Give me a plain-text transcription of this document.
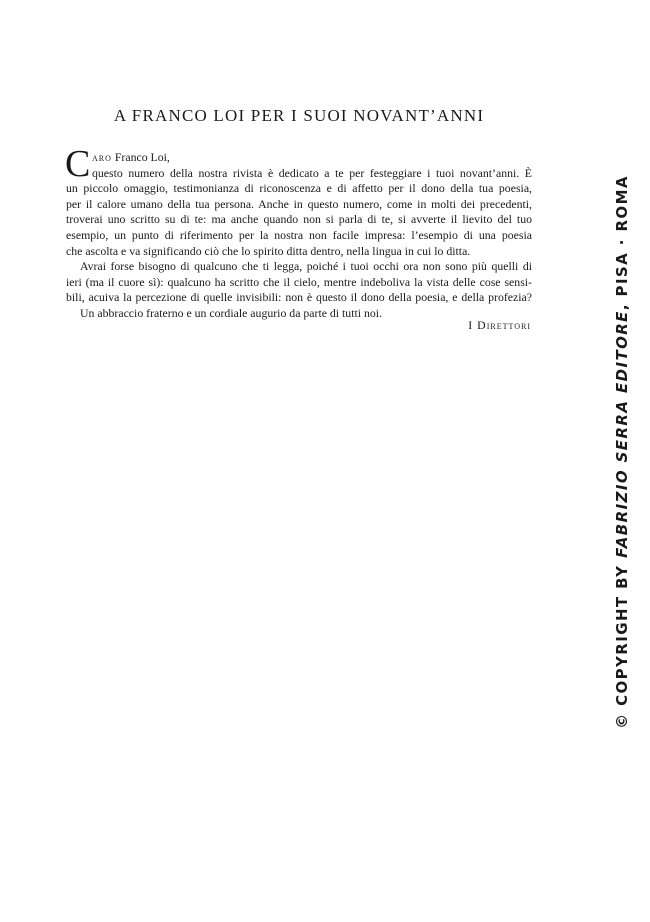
A FRANCO LOI PER I SUOI NOVANT’ANNI
C aro Franco Loi,
questo numero della nostra rivista è dedicato a te per festeggiare i tuoi novant’anni. È
un piccolo omaggio, testimonianza di riconoscenza e di affetto per il dono della tua poesia,
per il calore umano della tua persona. Anche in questo numero, come in molti dei precedenti,
troverai uno scritto su di te: ma anche quando non si parla di te, si avverte il lievito del tuo
esempio, un punto di riferimento per la nostra non facile impresa: l’esempio di una poesia
che ascolta e va significando ciò che lo spirito ditta dentro, nella lingua in cui lo ditta.
Avrai forse bisogno di qualcuno che ti legga, poiché i tuoi occhi ora non sono più quelli di
ieri (ma il cuore sì): qualcuno ha scritto che il cielo, mentre indeboliva la vista delle cose sensi-
bili, acuiva la percezione di quelle invisibili: non è questo il dono della poesia, e della profezia?
Un abbraccio fraterno e un cordiale augurio da parte di tutti noi.
I Direttori
© COPYRIGHT BY FABRIZIO SERRA EDITORE, PISA · ROMA
